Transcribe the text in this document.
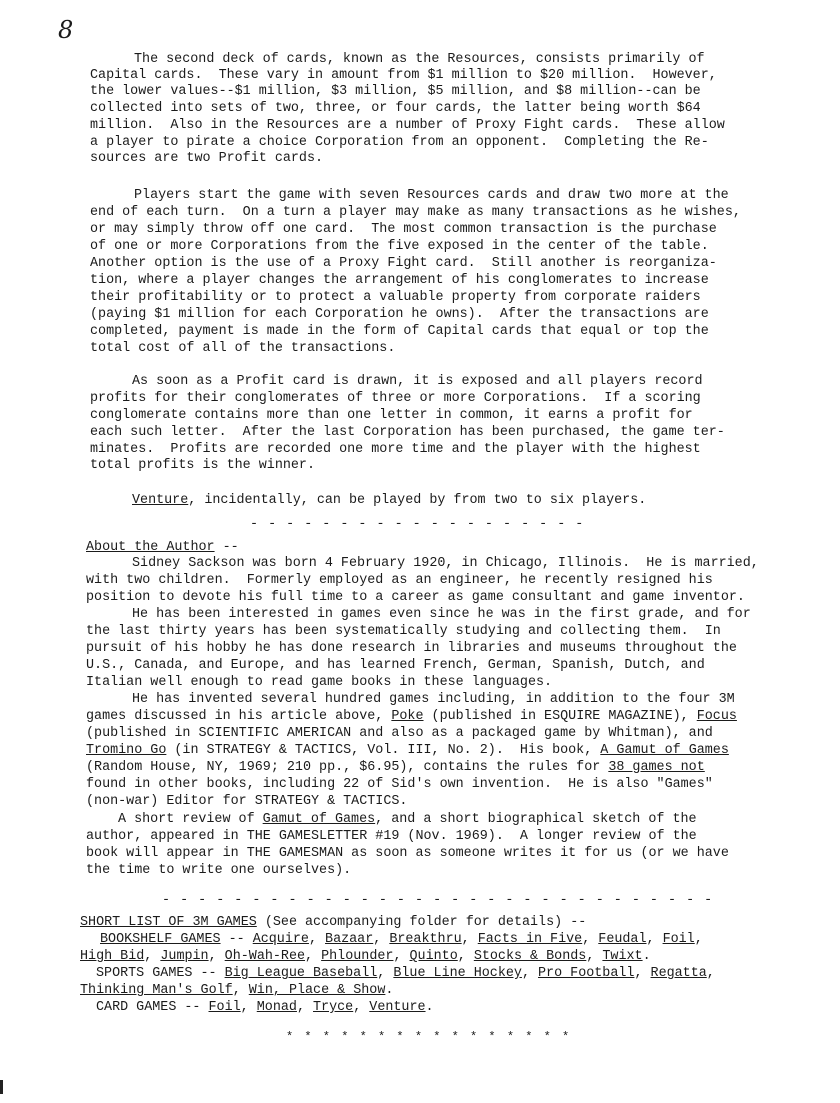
8
The second deck of cards, known as the Resources, consists primarily of
Capital cards.  These vary in amount from $1 million to $20 million.  However,
the lower values--$1 million, $3 million, $5 million, and $8 million--can be
collected into sets of two, three, or four cards, the latter being worth $64
million.  Also in the Resources are a number of Proxy Fight cards.  These allow
a player to pirate a choice Corporation from an opponent.  Completing the Re-
sources are two Profit cards.
Players start the game with seven Resources cards and draw two more at the
end of each turn.  On a turn a player may make as many transactions as he wishes,
or may simply throw off one card.  The most common transaction is the purchase
of one or more Corporations from the five exposed in the center of the table.
Another option is the use of a Proxy Fight card.  Still another is reorganiza-
tion, where a player changes the arrangement of his conglomerates to increase
their profitability or to protect a valuable property from corporate raiders
(paying $1 million for each Corporation he owns).  After the transactions are
completed, payment is made in the form of Capital cards that equal or top the
total cost of all of the transactions.
As soon as a Profit card is drawn, it is exposed and all players record
profits for their conglomerates of three or more Corporations.  If a scoring
conglomerate contains more than one letter in common, it earns a profit for
each such letter.  After the last Corporation has been purchased, the game ter-
minates.  Profits are recorded one more time and the player with the highest
total profits is the winner.
Venture, incidentally, can be played by from two to six players.
- - - - - - - - - - - - - - - - - - -
About the Author --
Sidney Sackson was born 4 February 1920, in Chicago, Illinois.  He is married,
with two children.  Formerly employed as an engineer, he recently resigned his
position to devote his full time to a career as game consultant and game inventor.
He has been interested in games even since he was in the first grade, and for
the last thirty years has been systematically studying and collecting them.  In
pursuit of his hobby he has done research in libraries and museums throughout the
U.S., Canada, and Europe, and has learned French, German, Spanish, Dutch, and
Italian well enough to read game books in these languages.
He has invented several hundred games including, in addition to the four 3M
games discussed in his article above, Poke (published in ESQUIRE MAGAZINE), Focus
(published in SCIENTIFIC AMERICAN and also as a packaged game by Whitman), and
Tromino Go (in STRATEGY & TACTICS, Vol. III, No. 2).  His book, A Gamut of Games
(Random House, NY, 1969; 210 pp., $6.95), contains the rules for 38 games not
found in other books, including 22 of Sid's own invention.  He is also "Games"
(non-war) Editor for STRATEGY & TACTICS.
A short review of Gamut of Games, and a short biographical sketch of the
author, appeared in THE GAMESLETTER #19 (Nov. 1969).  A longer review of the
book will appear in THE GAMESMAN as soon as someone writes it for us (or we have
the time to write one ourselves).
- - - - - - - - - - - - - - - - - - - - - - - - - - - - - - -
SHORT LIST OF 3M GAMES (See accompanying folder for details) --
BOOKSHELF GAMES -- Acquire, Bazaar, Breakthru, Facts in Five, Feudal, Foil,
High Bid, Jumpin, Oh-Wah-Ree, Phlounder, Quinto, Stocks & Bonds, Twixt.
SPORTS GAMES -- Big League Baseball, Blue Line Hockey, Pro Football, Regatta,
Thinking Man's Golf, Win, Place & Show.
CARD GAMES -- Foil, Monad, Tryce, Venture.
* * * * * * * * * * * * * * * *
